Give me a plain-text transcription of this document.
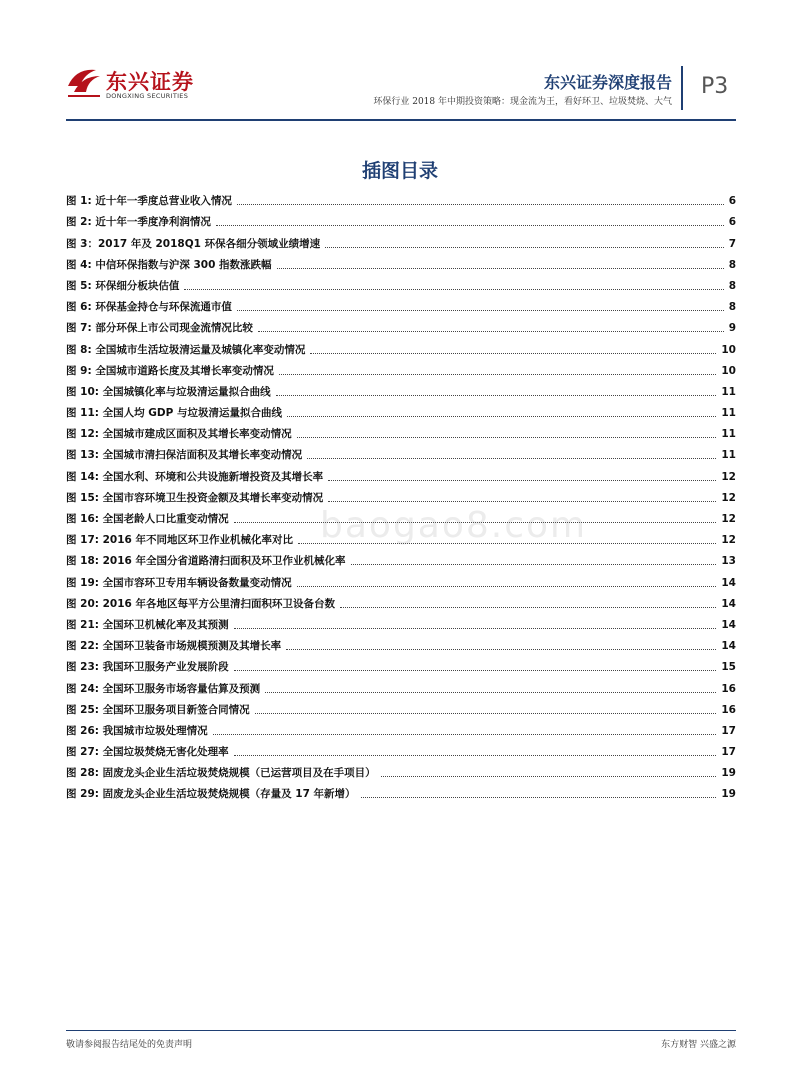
东兴证券
DONGXING SECURITIES
东兴证券深度报告
环保行业 2018 年中期投资策略：现金流为王，看好环卫、垃圾焚烧、大气
P3
插图目录
图 1: 近十年一季度总营业收入情况	6
图 2: 近十年一季度净利润情况	6
图 3：2017 年及 2018Q1 环保各细分领域业绩增速	7
图 4: 中信环保指数与沪深 300 指数涨跌幅	8
图 5: 环保细分板块估值	8
图 6: 环保基金持仓与环保流通市值	8
图 7: 部分环保上市公司现金流情况比较	9
图 8: 全国城市生活垃圾清运量及城镇化率变动情况	10
图 9: 全国城市道路长度及其增长率变动情况	10
图 10: 全国城镇化率与垃圾清运量拟合曲线	11
图 11: 全国人均 GDP 与垃圾清运量拟合曲线	11
图 12: 全国城市建成区面积及其增长率变动情况	11
图 13: 全国城市清扫保洁面积及其增长率变动情况	11
图 14: 全国水利、环境和公共设施新增投资及其增长率	12
图 15: 全国市容环境卫生投资金额及其增长率变动情况	12
图 16: 全国老龄人口比重变动情况	12
图 17: 2016 年不同地区环卫作业机械化率对比	12
图 18: 2016 年全国分省道路清扫面积及环卫作业机械化率	13
图 19: 全国市容环卫专用车辆设备数量变动情况	14
图 20: 2016 年各地区每平方公里清扫面积环卫设备台数	14
图 21: 全国环卫机械化率及其预测	14
图 22: 全国环卫装备市场规模预测及其增长率	14
图 23: 我国环卫服务产业发展阶段	15
图 24: 全国环卫服务市场容量估算及预测	16
图 25: 全国环卫服务项目新签合同情况	16
图 26: 我国城市垃圾处理情况	17
图 27: 全国垃圾焚烧无害化处理率	17
图 28: 固废龙头企业生活垃圾焚烧规模（已运营项目及在手项目）	19
图 29: 固废龙头企业生活垃圾焚烧规模（存量及 17 年新增）	19
baogao8.com
敬请参阅报告结尾处的免责声明	东方财智 兴盛之源
